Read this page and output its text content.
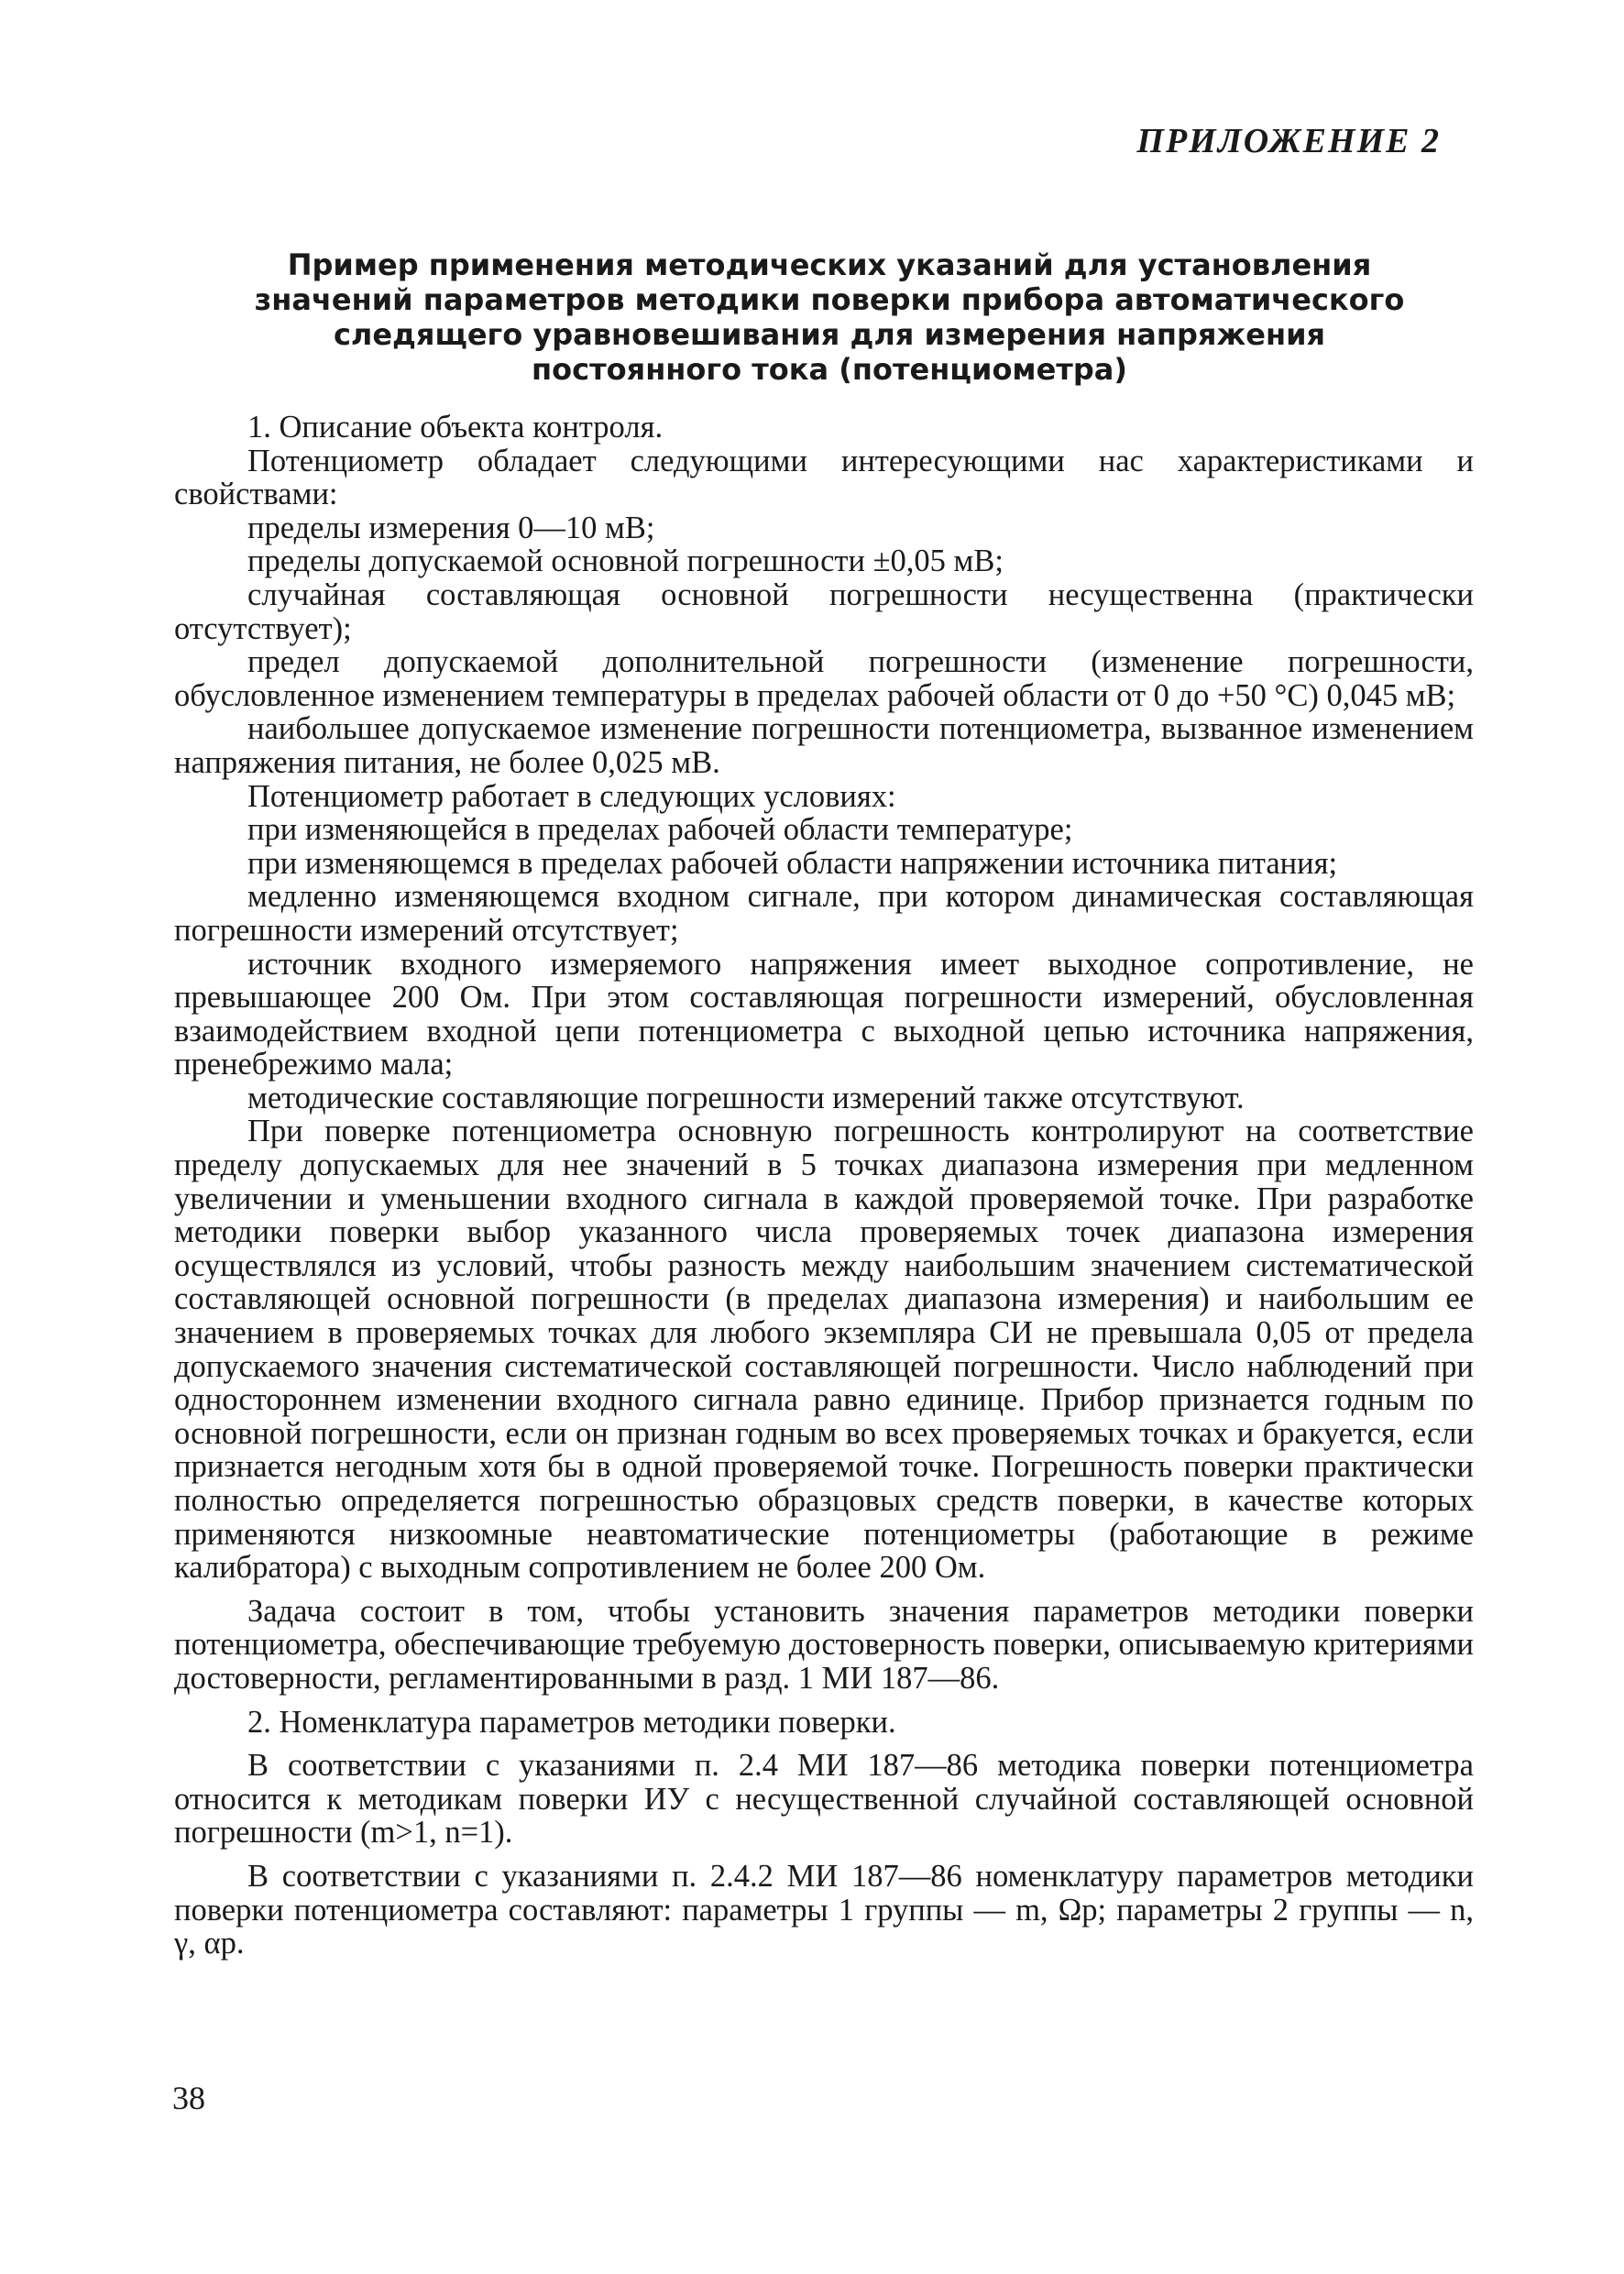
ПРИЛОЖЕНИЕ 2
Пример применения методических указаний для установления значений параметров методики поверки прибора автоматического следящего уравновешивания для измерения напряжения постоянного тока (потенциометра)

1. Описание объекта контроля.

Потенциометр обладает следующими интересующими нас характеристиками и свойствами:

пределы измерения 0—10 мВ;

пределы допускаемой основной погрешности ±0,05 мВ;

случайная составляющая основной погрешности несущественна (практически отсутствует);

предел допускаемой дополнительной погрешности (изменение погрешности, обусловленное изменением температуры в пределах рабочей области от 0 до +50 °С) 0,045 мВ;

наибольшее допускаемое изменение погрешности потенциометра, вызванное изменением напряжения питания, не более 0,025 мВ.

Потенциометр работает в следующих условиях:

при изменяющейся в пределах рабочей области температуре;

при изменяющемся в пределах рабочей области напряжении источника питания;

медленно изменяющемся входном сигнале, при котором динамическая составляющая погрешности измерений отсутствует;

источник входного измеряемого напряжения имеет выходное сопротивление, не превышающее 200 Ом. При этом составляющая погрешности измерений, обусловленная взаимодействием входной цепи потенциометра с выходной цепью источника напряжения, пренебрежимо мала;

методические составляющие погрешности измерений также отсутствуют.

При поверке потенциометра основную погрешность контролируют на соответствие пределу допускаемых для нее значений в 5 точках диапазона измерения при медленном увеличении и уменьшении входного сигнала в каждой проверяемой точке. При разработке методики поверки выбор указанного числа проверяемых точек диапазона измерения осуществлялся из условий, чтобы разность между наибольшим значением систематической составляющей основной погрешности (в пределах диапазона измерения) и наибольшим ее значением в проверяемых точках для любого экземпляра СИ не превышала 0,05 от предела допускаемого значения систематической составляющей погрешности. Число наблюдений при одностороннем изменении входного сигнала равно единице. Прибор признается годным по основной погрешности, если он признан годным во всех проверяемых точках и бракуется, если признается негодным хотя бы в одной проверяемой точке. Погрешность поверки практически полностью определяется погрешностью образцовых средств поверки, в качестве которых применяются низкоомные неавтоматические потенциометры (работающие в режиме калибратора) с выходным сопротивлением не более 200 Ом.

Задача состоит в том, чтобы установить значения параметров методики поверки потенциометра, обеспечивающие требуемую достоверность поверки, описываемую критериями достоверности, регламентированными в разд. 1 МИ 187—86.

2. Номенклатура параметров методики поверки.

В соответствии с указаниями п. 2.4 МИ 187—86 методика поверки потенциометра относится к методикам поверки ИУ с несущественной случайной составляющей основной погрешности (m>1, n=1).

В соответствии с указаниями п. 2.4.2 МИ 187—86 номенклатуру параметров методики поверки потенциометра составляют: параметры 1 группы — m, Ωр; параметры 2 группы — n, γ, αр.

38
